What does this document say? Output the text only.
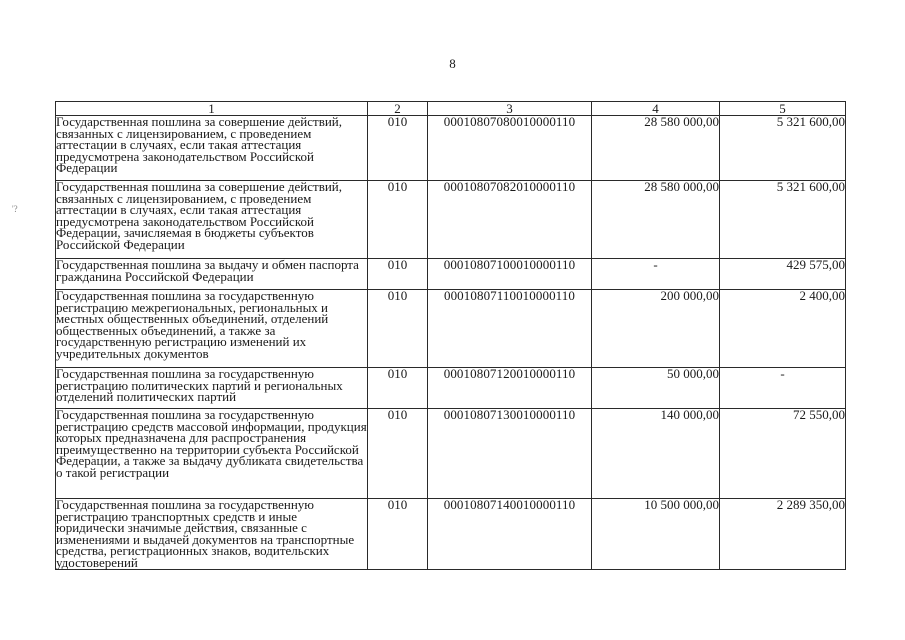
8
'?
1	2	3	4	5
Государственная пошлина за совершение действий, связанных с лицензированием, с проведением аттестации в случаях, если такая аттестация предусмотрена законодательством Российской Федерации	010	00010807080010000110	28 580 000,00	5 321 600,00
Государственная пошлина за совершение действий, связанных с лицензированием, с проведением аттестации в случаях, если такая аттестация предусмотрена законодательством Российской Федерации, зачисляемая в бюджеты субъектов Российской Федерации	010	00010807082010000110	28 580 000,00	5 321 600,00
Государственная пошлина за выдачу и обмен паспорта гражданина Российской Федерации	010	00010807100010000110	-	429 575,00
Государственная пошлина за государственную регистрацию межрегиональных, региональных и местных общественных объединений, отделений общественных объединений, а также за государственную регистрацию изменений их учредительных документов	010	00010807110010000110	200 000,00	2 400,00
Государственная пошлина за государственную регистрацию политических партий и региональных отделений политических партий	010	00010807120010000110	50 000,00	-
Государственная пошлина за государственную регистрацию средств массовой информации, продукция которых предназначена для распространения преимущественно на территории субъекта Российской Федерации, а также за выдачу дубликата свидетельства о такой регистрации	010	00010807130010000110	140 000,00	72 550,00
Государственная пошлина за государственную регистрацию транспортных средств и иные юридически значимые действия, связанные с изменениями и выдачей документов на транспортные средства, регистрационных знаков, водительских удостоверений	010	00010807140010000110	10 500 000,00	2 289 350,00
